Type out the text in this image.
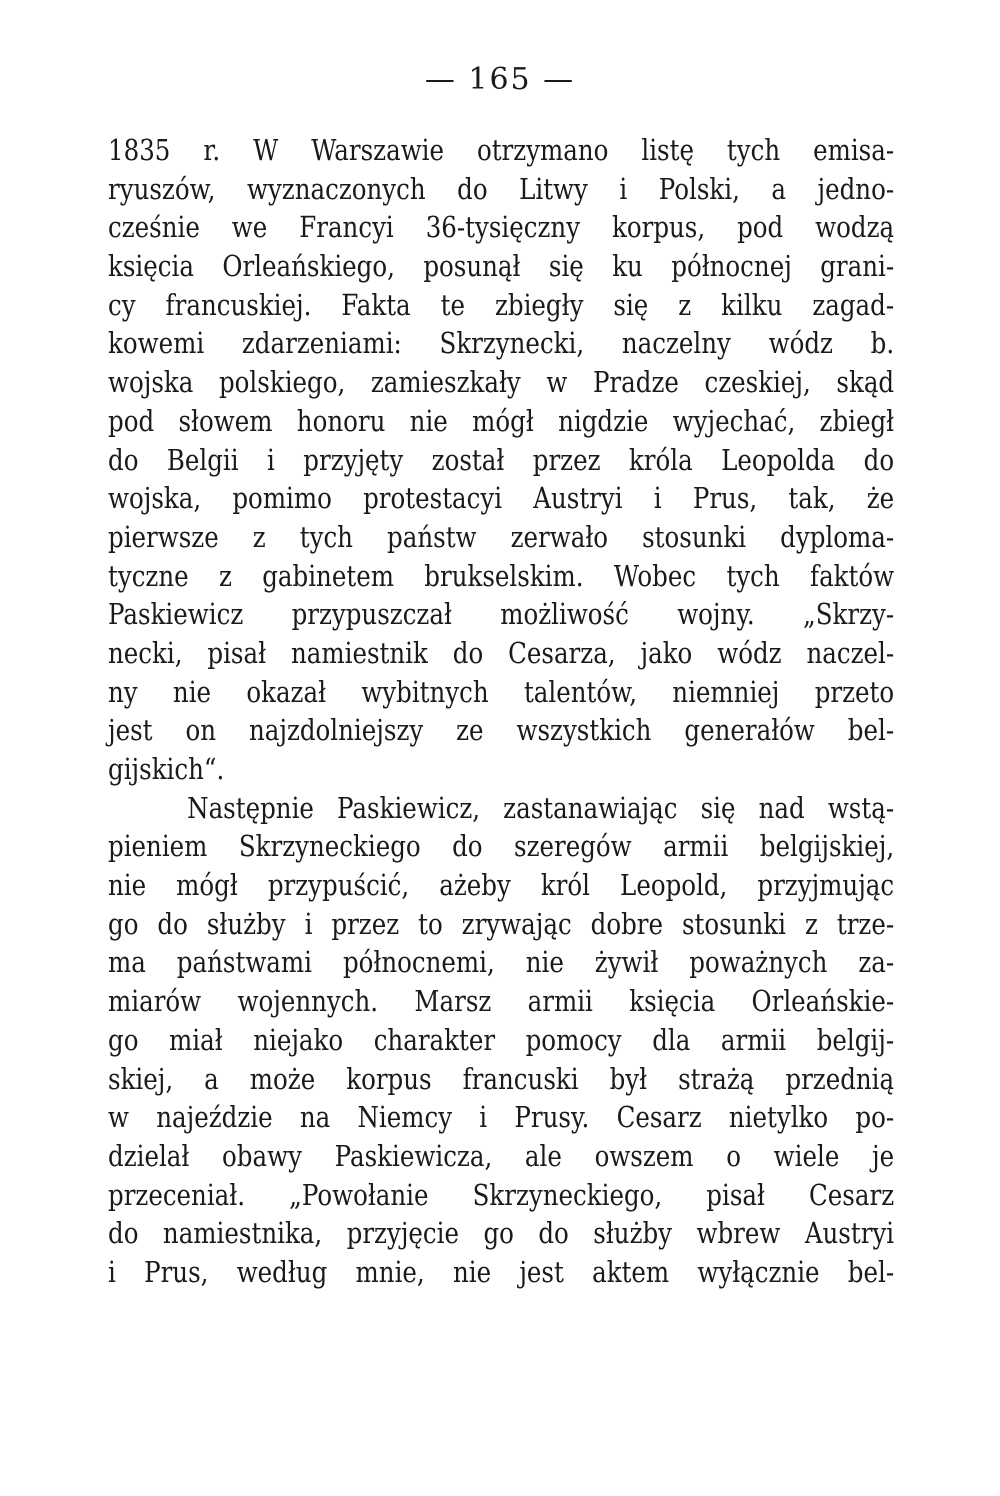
— 165 —
1835 r. W Warszawie otrzymano listę tych emisa-
ryuszów, wyznaczonych do Litwy i Polski, a jedno-
cześnie we Francyi 36-tysięczny korpus, pod wodzą
księcia Orleańskiego, posunął się ku północnej grani-
cy francuskiej. Fakta te zbiegły się z kilku zagad-
kowemi zdarzeniami: Skrzynecki, naczelny wódz b.
wojska polskiego, zamieszkały w Pradze czeskiej, skąd
pod słowem honoru nie mógł nigdzie wyjechać, zbiegł
do Belgii i przyjęty został przez króla Leopolda do
wojska, pomimo protestacyi Austryi i Prus, tak, że
pierwsze z tych państw zerwało stosunki dyploma-
tyczne z gabinetem brukselskim. Wobec tych faktów
Paskiewicz przypuszczał możliwość wojny. „Skrzy-
necki, pisał namiestnik do Cesarza, jako wódz naczel-
ny nie okazał wybitnych talentów, niemniej przeto
jest on najzdolniejszy ze wszystkich generałów bel-
gijskich“.
Następnie Paskiewicz, zastanawiając się nad wstą-
pieniem Skrzyneckiego do szeregów armii belgijskiej,
nie mógł przypuścić, ażeby król Leopold, przyjmując
go do służby i przez to zrywając dobre stosunki z trze-
ma państwami północnemi, nie żywił poważnych za-
miarów wojennych. Marsz armii księcia Orleańskie-
go miał niejako charakter pomocy dla armii belgij-
skiej, a może korpus francuski był strażą przednią
w najeździe na Niemcy i Prusy. Cesarz nietylko po-
dzielał obawy Paskiewicza, ale owszem o wiele je
przeceniał. „Powołanie Skrzyneckiego, pisał Cesarz
do namiestnika, przyjęcie go do służby wbrew Austryi
i Prus, według mnie, nie jest aktem wyłącznie bel-
